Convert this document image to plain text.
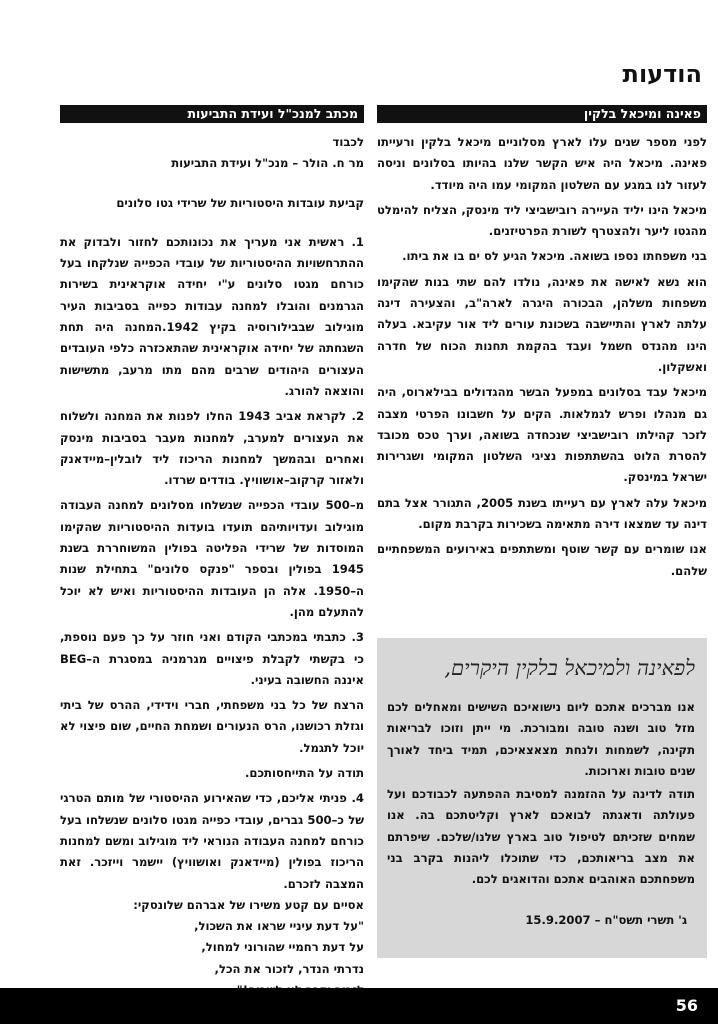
הודעות
פאינה ומיכאל בלקין
מכתב למנכ"ל ועידת התביעות

לפני מספר שנים עלו לארץ מסלוניים מיכאל בלקין ורעייתו פאינה. מיכאל היה איש הקשר שלנו בהיותו בסלונים וניסה לעזור לנו במגע עם השלטון המקומי עמו היה מיודד.

מיכאל הינו יליד העיירה רובישביצי ליד מינסק, הצליח להימלט מהגטו ליער ולהצטרף לשורת הפרטיזנים.

בני משפחתו נספו בשואה. מיכאל הגיע לס ים בו את ביתו.

הוא נשא לאישה את פאינה, נולדו להם שתי בנות שהקימו משפחות משלהן, הבכורה היגרה לארה"ב, והצעירה דינה עלתה לארץ והתיישבה בשכונת עורים ליד אור עקיבא. בעלה הינו מהנדס חשמל ועבד בהקמת תחנות הכוח של חדרה ואשקלון.

מיכאל עבד בסלונים במפעל הבשר מהגדולים בבילארוס, היה גם מנהלו ופרש לגמלאות. הקים על חשבונו הפרטי מצבה לזכר קהילתו רובישביצי שנכחדה בשואה, וערך טכס מכובד להסרת הלוט בהשתתפות נציגי השלטון המקומי ושגרירות ישראל במינסק.

מיכאל עלה לארץ עם רעייתו בשנת 2005, התגורר אצל בתם דינה עד שמצאו דירה מתאימה בשכירות בקרבת מקום.

אנו שומרים עם קשר שוטף ומשתתפים באירועים המשפחתיים שלהם.

לפאינה ולמיכאל בלקין היקרים,

אנו מברכים אתכם ליום נישואיכם השישים ומאחלים לכם מזל טוב ושנה טובה ומבורכת. מי ייתן וזוכו לבריאות תקינה, לשמחות ולנחת מצאצאיכם, תמיד ביחד לאורך שנים טובות וארוכות.

תודה לדינה על ההזמנה למסיבת ההפתעה לכבודכם ועל פעולתה ודאגתה לבואכם לארץ וקליטתכם בה. אנו שמחים שזכיתם לטיפול טוב בארץ שלנו/שלכם. שיפרתם את מצב בריאותכם, כדי שתוכלו ליהנות בקרב בני משפחתכם האוהבים אתכם והדואגים לכם.

ג' תשרי תשס"ח – 15.9.2007

לכבוד

מר ח. הולר – מנכ"ל ועידת התביעות

קביעת עובדות היסטוריות של שרידי גטו סלונים

1. ראשית אני מעריך את נכונותכם לחזור ולבדוק את ההתרחשויות ההיסטוריות של עובדי הכפייה שנלקחו בעל כורחם מגטו סלונים ע"י יחידה אוקראינית בשירות הגרמנים והובלו למחנה עבודות כפייה בסביבות העיר מוגילוב שבבילורוסיה בקיץ 1942.המחנה היה תחת השגחתה של יחידה אוקראינית שהתאכזרה כלפי העובדים העצורים היהודים שרבים מהם מתו מרעב, מתשישות והוצאה להורג.

2. לקראת אביב 1943 החלו לפנות את המחנה ולשלוח את העצורים למערב, למחנות מעבר בסביבות מינסק ואחרים ובהמשך למחנות הריכוז ליד לובלין–מיידאנק ולאזור קרקוב–אושוויץ. בודדים שרדו.

מ–500 עובדי הכפייה שנשלחו מסלונים למחנה העבודה מוגילוב ועדויותיהם תועדו בועדות ההיסטוריות שהקימו המוסדות של שרידי הפליטה בפולין המשוחררת בשנת 1945 בפולין ובספר "פנקס סלונים" בתחילת שנות ה–1950. אלה הן העובדות ההיסטוריות ואיש לא יוכל להתעלם מהן.

3. כתבתי במכתבי הקודם ואני חוזר על כך פעם נוספת, כי בקשתי לקבלת פיצויים מגרמניה במסגרת ה–BEG איננה החשובה בעיני.

הרצח של כל בני משפחתי, חברי וידידי, ההרס של ביתי וגזלת רכושנו, הרס הנעורים ושמחת החיים, שום פיצוי לא יוכל לתגמל.

תודה על התייחסותכם.

4. פניתי אליכם, כדי שהאירוע ההיסטורי של מותם הטרגי של כ–500 גברים, עובדי כפייה מגטו סלונים שנשלחו בעל כורחם למחנה העבודה הנוראי ליד מוגילוב ומשם למחנות הריכוז בפולין (מיידאנק ואושוויץ) יישמר וייזכר. זאת המצבה לזכרם.

אסיים עם קטע משירו של אברהם שלונסקי:

"על דעת עיניי שראו את השכול,

על דעת רחמיי שהורוני למחול,

נדרתי הנדר, לזכור את הכל,

56
